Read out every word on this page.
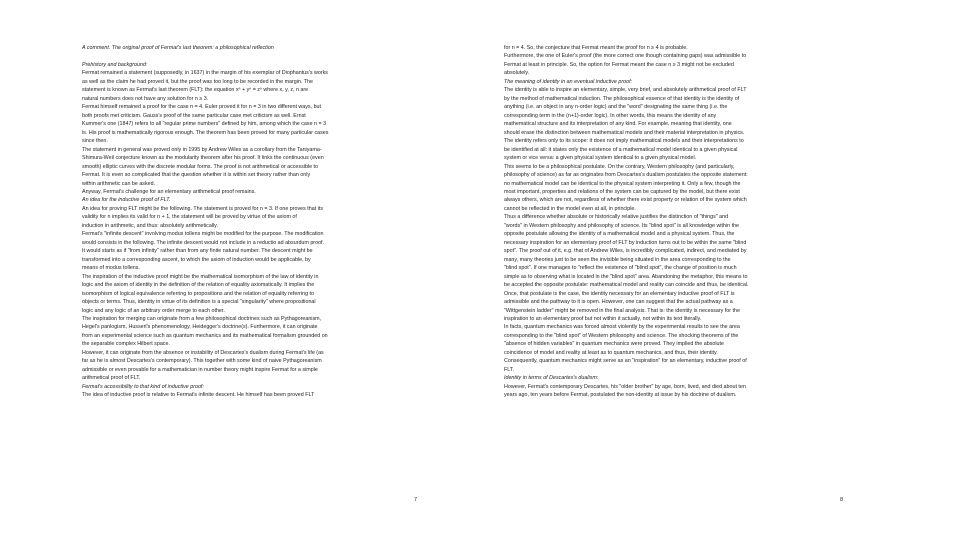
A comment. The original proof of Fermat's last theorem: a philosophical reflection
Prehistory and background:
Fermat remained a statement (supposedly, in 1637) in the margin of his exemplar of Diophantus's works
as well as the claim he had proved it, but the proof was too long to be recorded in the margin. The
statement is known as Fermat's last theorem (FLT): the equation xⁿ + yⁿ = zⁿ where x, y, z, n are
natural numbers does not have any solution for n ≥ 3.
Fermat himself remained a proof for the case n = 4. Euler proved it for n = 3 in two different ways, but
both proofs met criticism. Gauss's proof of the same particular case met criticism as well. Ernst
Kummer's one (1847) refers to all "regular prime numbers" defined by him, among which the case n = 3
is. His proof is mathematically rigorous enough. The theorem has been proved for many particular cases
since then.
The statement in general was proved only in 1995 by Andrew Wiles as a corollary from the Taniyama-
Shimura-Weil conjecture known as the modularity theorem after his proof. It links the continuous (even
smooth) elliptic curves with the discrete modular forms. The proof is not arithmetical or accessible to
Fermat. It is even so complicated that the question whether it is within set theory rather than only
within arithmetic can be asked.
Anyway, Fermat's challenge for an elementary arithmetical proof remains.
An idea for the inductive proof of FLT.
An idea for proving FLT might be the following. The statement is proved for n = 3. If one proves that its
validity for n implies its valid for n + 1, the statement will be proved by virtue of the axiom of
induction in arithmetic, and thus: absolutely arithmetically.
Fermat's "infinite descent" involving modus tollens might be modified for the purpose. The modification
would consists in the following. The infinite descent would not include in a reductio ad absurdum proof.
It would starts as if "from infinity" rather than from any finite natural number. The descent might be
transformed into a corresponding ascent, to which the axiom of induction would be applicable, by
means of modus tollens.
The inspiration of the inductive proof might be the mathematical isomorphism of the law of identity in
logic and the axiom of identity in the definition of the relation of equality axiomatically. It implies the
isomorphism of logical equivalence referring to propositions and the relation of equality referring to
objects or terms. Thus, identity in virtue of its definition is a special "singularity" where propositional
logic and any logic of an arbitrary order merge to each other.
The inspiration for merging can originate from a few philosophical doctrines such as Pythagoreanism,
Hegel's panlogism, Husserl's phenomenology, Heidegger's doctrine(s). Furthermore, it can originate
from an experimental science such as quantum mechanics and its mathematical formalism grounded on
the separable complex Hilbert space.
However, it can originate from the absence or instability of Descartes's dualism during Fermat's life (as
far as he is almost Descartes's contemporary). This together with some kind of naive Pythagoreanism
admissible or even provable for a mathematician in number theory might inspire Fermat for a simple
arithmetical proof of FLT.
Fermat's accessibility to that kind of inductive proof:
The idea of inductive proof is relative to Fermat's infinite descent. He himself has been proved FLT
7
for n = 4. So, the conjecture that Fermat meant the proof for n ≥ 4 is probable.
Furthermore, the one of Euler's proof (the more correct one though containing gaps) was admissible to
Fermat at least in principle. So, the option for Fermat meant the case n ≥ 3 might not be excluded
absolutely.
The meaning of identity in an eventual inductive proof:
The identity is able to inspire an elementary, simple, very brief, and absolutely arithmetical proof of FLT
by the method of mathematical induction. The philosophical essence of that identity is the identity of
anything (i.e. an object in any n-order logic) and the "word" designating the same thing (i.e. the
corresponding term in the (n+1)-order logic). In other words, this means the identity of any
mathematical structure and its interpretation of any kind. For example, meaning that identity, one
should erase the distinction between mathematical models and their material interpretation in physics.
The identity refers only to its scope: it does not imply mathematical models and their interpretations to
be identified at all: it states only the existence of a mathematical model identical to a given physical
system or vice versa: a given physical system identical to a given physical model.
This seems to be a philosophical postulate. On the contrary, Western philosophy (and particularly,
philosophy of science) as far as originates from Descartes's dualism postulates the opposite statement:
no mathematical model can be identical to the physical system interpreting it. Only a few, though the
most important, properties and relations of the system can be captured by the model, but there exist
always others, which are not, regardless of whether there exist property or relation of the system which
cannot be reflected in the model even at all, in principle.
Thus a difference whether absolute or historically relative justifies the distinction of "things" and
"words" in Western philosophy and philosophy of science. Its "blind spot" is all knowledge within the
opposite postulate allowing the identity of a mathematical model and a physical system. Thus, the
necessary inspiration for an elementary proof of FLT by induction turns out to be within the same "blind
spot". The proof out of it, e.g. that of Andrew Wiles, is incredibly complicated, indirect, and mediated by
many, many theories just to be seen the invisible being situated in the area corresponding to the
"blind spot". If one manages to "reflect the existence of "blind spot", the change of position is much
simple as to observing what is located in the "blind spot" area. Abandoning the metaphor, this means to
be accepted the opposite postulate: mathematical model and reality can coincide and thus, be identical.
Once, that postulate is the case, the identity necessary for an elementary inductive proof of FLT is
admissible and the pathway to it is open. However, one can suggest that the actual pathway as a
"Wittgenstein ladder" might be removed in the final analysis. That is: the identity is necessary for the
inspiration to an elementary proof but not within it actually, not within its text literally.
In facts, quantum mechanics was forced almost violently by the experimental results to see the area
corresponding to the "blind spot" of Western philosophy and science. The shocking theorems of the
"absence of hidden variables" in quantum mechanics were proved. They implied the absolute
coincidence of model and reality at least as to quantum mechanics, and thus, their identity.
Consequently, quantum mechanics might serve as an "inspiration" for an elementary, inductive proof of
FLT.
Identity in terms of Descartes's dualism:
However, Fermat's contemporary Descartes, his "older brother" by age, born, lived, and died about ten
years ago, ten years before Fermat, postulated the non-identity at issue by his doctrine of dualism.
8
